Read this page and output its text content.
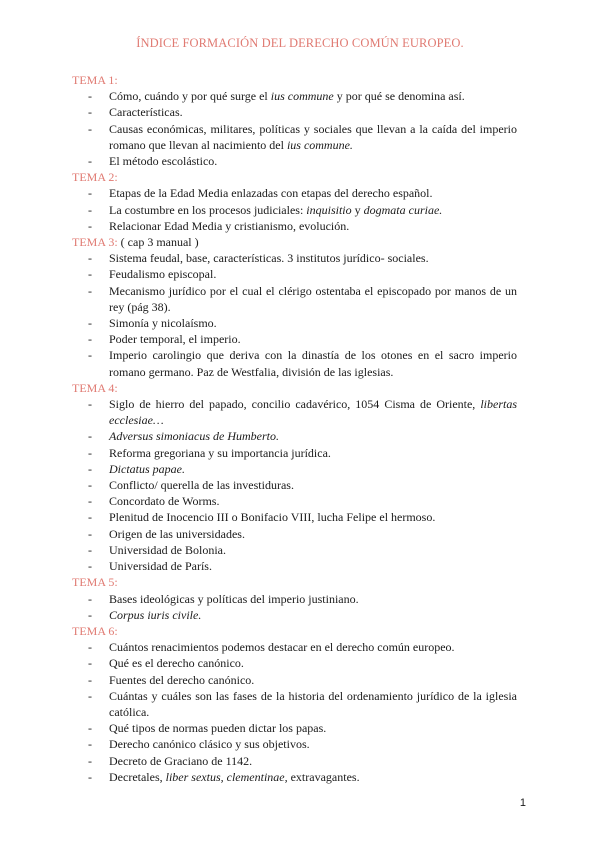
ÍNDICE FORMACIÓN DEL DERECHO COMÚN EUROPEO.
TEMA 1:
- Cómo, cuándo y por qué surge el ius commune y por qué se denomina así.
- Características.
- Causas económicas, militares, políticas y sociales que llevan a la caída del imperio romano que llevan al nacimiento del ius commune.
- El método escolástico.
TEMA 2:
- Etapas de la Edad Media enlazadas con etapas del derecho español.
- La costumbre en los procesos judiciales: inquisitio y dogmata curiae.
- Relacionar Edad Media y cristianismo, evolución.
TEMA 3: ( cap 3 manual )
- Sistema feudal, base, características. 3 institutos jurídico- sociales.
- Feudalismo episcopal.
- Mecanismo jurídico por el cual el clérigo ostentaba el episcopado por manos de un rey (pág 38).
- Simonía y nicolaísmo.
- Poder temporal, el imperio.
- Imperio carolingio que deriva con la dinastía de los otones en el sacro imperio romano germano. Paz de Westfalia, división de las iglesias.
TEMA 4:
- Siglo de hierro del papado, concilio cadavérico, 1054 Cisma de Oriente, libertas ecclesiae…
- Adversus simoniacus de Humberto.
- Reforma gregoriana y su importancia jurídica.
- Dictatus papae.
- Conflicto/ querella de las investiduras.
- Concordato de Worms.
- Plenitud de Inocencio III o Bonifacio VIII, lucha Felipe el hermoso.
- Origen de las universidades.
- Universidad de Bolonia.
- Universidad de París.
TEMA 5:
- Bases ideológicas y políticas del imperio justiniano.
- Corpus iuris civile.
TEMA 6:
- Cuántos renacimientos podemos destacar en el derecho común europeo.
- Qué es el derecho canónico.
- Fuentes del derecho canónico.
- Cuántas y cuáles son las fases de la historia del ordenamiento jurídico de la iglesia católica.
- Qué tipos de normas pueden dictar los papas.
- Derecho canónico clásico y sus objetivos.
- Decreto de Graciano de 1142.
- Decretales, liber sextus, clementinae, extravagantes.
1
